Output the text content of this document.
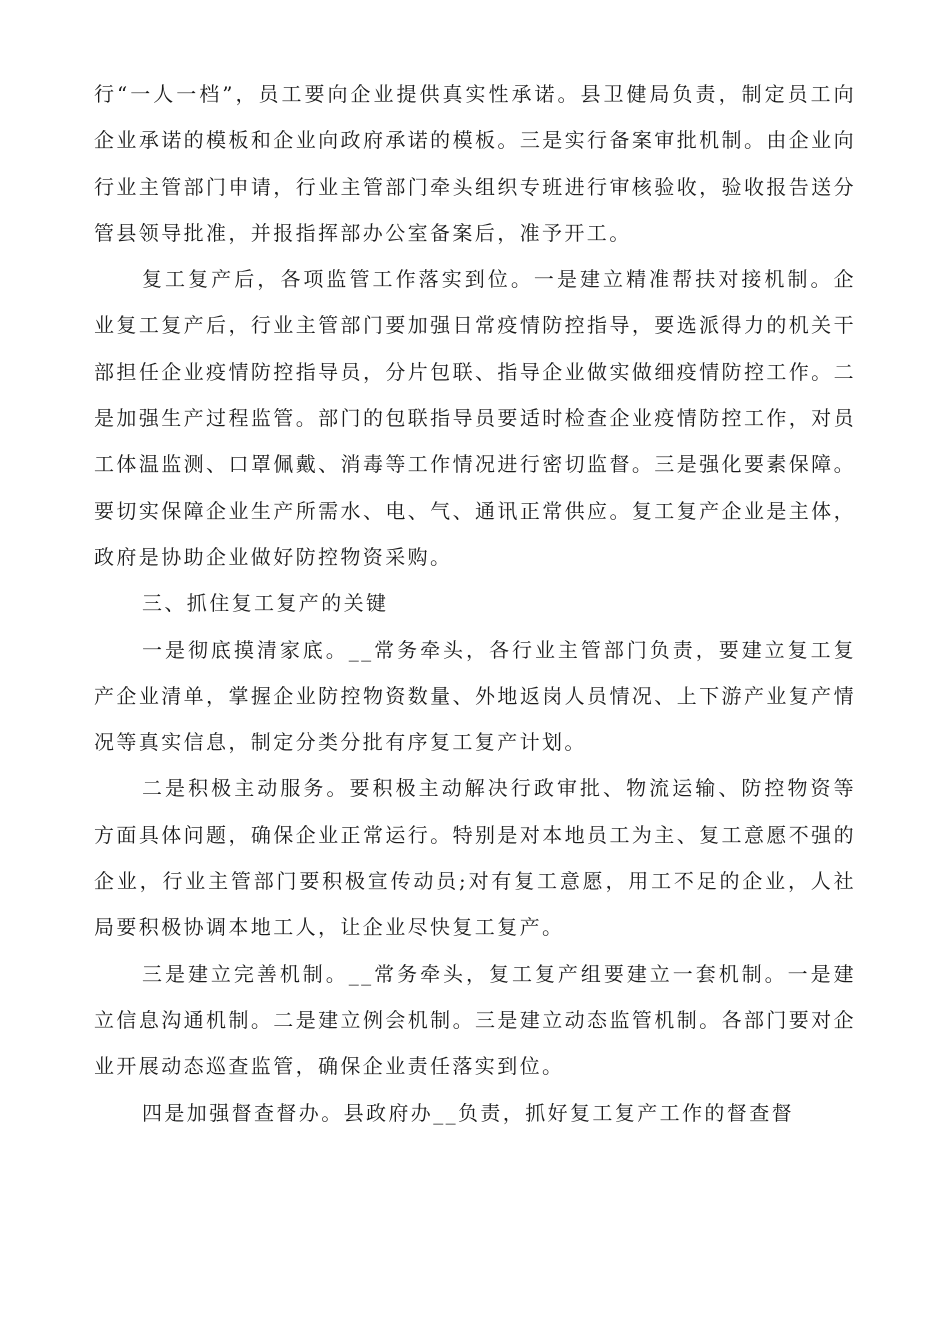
行“一人一档”，员工要向企业提供真实性承诺。县卫健局负责，制定员工向企业承诺的模板和企业向政府承诺的模板。三是实行备案审批机制。由企业向行业主管部门申请，行业主管部门牵头组织专班进行审核验收，验收报告送分管县领导批准，并报指挥部办公室备案后，准予开工。

复工复产后，各项监管工作落实到位。一是建立精准帮扶对接机制。企业复工复产后，行业主管部门要加强日常疫情防控指导，要选派得力的机关干部担任企业疫情防控指导员，分片包联、指导企业做实做细疫情防控工作。二是加强生产过程监管。部门的包联指导员要适时检查企业疫情防控工作，对员工体温监测、口罩佩戴、消毒等工作情况进行密切监督。三是强化要素保障。要切实保障企业生产所需水、电、气、通讯正常供应。复工复产企业是主体，政府是协助企业做好防控物资采购。

三、抓住复工复产的关键

一是彻底摸清家底。__常务牵头，各行业主管部门负责，要建立复工复产企业清单，掌握企业防控物资数量、外地返岗人员情况、上下游产业复产情况等真实信息，制定分类分批有序复工复产计划。

二是积极主动服务。要积极主动解决行政审批、物流运输、防控物资等方面具体问题，确保企业正常运行。特别是对本地员工为主、复工意愿不强的企业，行业主管部门要积极宣传动员;对有复工意愿，用工不足的企业，人社局要积极协调本地工人，让企业尽快复工复产。

三是建立完善机制。__常务牵头，复工复产组要建立一套机制。一是建立信息沟通机制。二是建立例会机制。三是建立动态监管机制。各部门要对企业开展动态巡查监管，确保企业责任落实到位。

四是加强督查督办。县政府办__负责，抓好复工复产工作的督查督
